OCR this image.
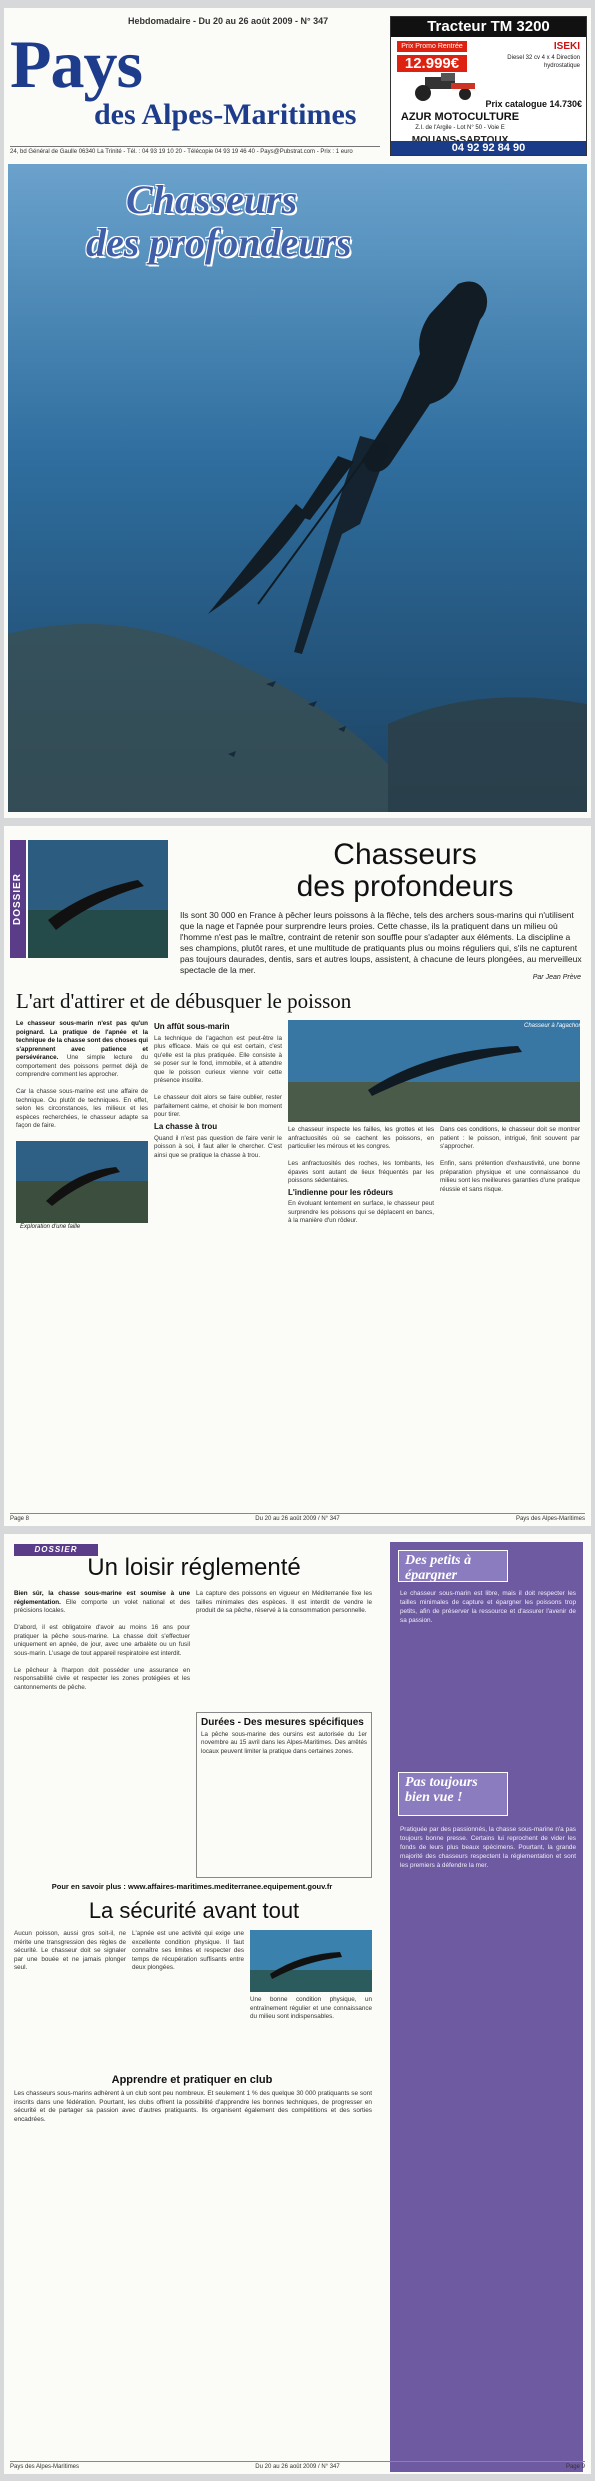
Hebdomadaire - Du 20 au 26 août 2009 - N° 347
Pays
des Alpes-Maritimes
24, bd Général de Gaulle 06340 La Trinité - Tél. : 04 93 19 10 20 - Télécopie 04 93 19 46 40 - Pays@Pubstrat.com - Prix : 1 euro
Tracteur TM 3200
Prix Promo Rentrée
12.999€
ISEKI
Diesel 32 cv 4 x 4 Direction hydrostatique
Prix catalogue 14.730€
AZUR MOTOCULTURE
Z.I. de l'Argile - Lot N° 50 - Voie E
04 92 92 84 90
Chasseurs
des profondeurs
DOSSIER
Chasseurs
des profondeurs
Ils sont 30 000 en France à pêcher leurs poissons à la flèche, tels des archers sous-marins qui n'utilisent que la nage et l'apnée pour surprendre leurs proies. Cette chasse, ils la pratiquent dans un milieu où l'homme n'est pas le maître, contraint de retenir son souffle pour s'adapter aux éléments. La discipline a ses champions, plutôt rares, et une multitude de pratiquants plus ou moins réguliers qui, s'ils ne capturent pas toujours daurades, dentis, sars et autres loups, assistent, à chacune de leurs plongées, au merveilleux spectacle de la mer.
Par Jean Prève
L'art d'attirer et de débusquer le poisson
Le chasseur sous-marin n'est pas qu'un poignard. La pratique de l'apnée et la technique de la chasse sont des choses qui s'apprennent avec patience et persévérance. Une simple lecture du comportement des poissons permet déjà de comprendre comment les approcher.

Car la chasse sous-marine est une affaire de technique. Ou plutôt de techniques. En effet, selon les circonstances, les milieux et les espèces recherchées, le chasseur adapte sa façon de faire.
Un affût sous-marin
La technique de l'agachon est peut-être la plus efficace. Mais ce qui est certain, c'est qu'elle est la plus pratiquée. Elle consiste à se poser sur le fond, immobile, et à attendre que le poisson curieux vienne voir cette présence insolite.

Le chasseur doit alors se faire oublier, rester parfaitement calme, et choisir le bon moment pour tirer.
La chasse à trou
Quand il n'est pas question de faire venir le poisson à soi, il faut aller le chercher. C'est ainsi que se pratique la chasse à trou.
Le chasseur inspecte les failles, les grottes et les anfractuosités où se cachent les poissons, en particulier les mérous et les congres.

Les anfractuosités des roches, les tombants, les épaves sont autant de lieux fréquentés par les poissons sédentaires.
L'indienne pour les rôdeurs
En évoluant lentement en surface, le chasseur peut surprendre les poissons qui se déplacent en bancs, à la manière d'un rôdeur.
Chasseur à l'agachon
Exploration d'une faille
Dans ces conditions, le chasseur doit se montrer patient : le poisson, intrigué, finit souvent par s'approcher.

Enfin, sans prétention d'exhaustivité, une bonne préparation physique et une connaissance du milieu sont les meilleures garanties d'une pratique réussie et sans risque.
Page 8	Du 20 au 26 août 2009 / N° 347	Pays des Alpes-Maritimes
DOSSIER
Un loisir réglementé
Bien sûr, la chasse sous-marine est soumise à une réglementation. Elle comporte un volet national et des précisions locales.

D'abord, il est obligatoire d'avoir au moins 16 ans pour pratiquer la pêche sous-marine. La chasse doit s'effectuer uniquement en apnée, de jour, avec une arbalète ou un fusil sous-marin. L'usage de tout appareil respiratoire est interdit.

Le pêcheur à l'harpon doit posséder une assurance en responsabilité civile et respecter les zones protégées et les cantonnements de pêche.
La capture des poissons en vigueur en Méditerranée fixe les tailles minimales des espèces. Il est interdit de vendre le produit de sa pêche, réservé à la consommation personnelle.
Durées - Des mesures spécifiques
La pêche sous-marine des oursins est autorisée du 1er novembre au 15 avril dans les Alpes-Maritimes. Des arrêtés locaux peuvent limiter la pratique dans certaines zones.
Pour en savoir plus : www.affaires-maritimes.mediterranee.equipement.gouv.fr
La sécurité avant tout
Aucun poisson, aussi gros soit-il, ne mérite une transgression des règles de sécurité. Le chasseur doit se signaler par une bouée et ne jamais plonger seul.
L'apnée est une activité qui exige une excellente condition physique. Il faut connaître ses limites et respecter des temps de récupération suffisants entre deux plongées.
Une bonne condition physique, un entraînement régulier et une connaissance du milieu sont indispensables.
Apprendre et pratiquer en club
Les chasseurs sous-marins adhèrent à un club sont peu nombreux. Et seulement 1 % des quelque 30 000 pratiquants se sont inscrits dans une fédération. Pourtant, les clubs offrent la possibilité d'apprendre les bonnes techniques, de progresser en sécurité et de partager sa passion avec d'autres pratiquants. Ils organisent également des compétitions et des sorties encadrées.
Des petits à épargner
Le chasseur sous-marin est libre, mais il doit respecter les tailles minimales de capture et épargner les poissons trop petits, afin de préserver la ressource et d'assurer l'avenir de sa passion.
Pas toujours bien vue !
Pratiquée par des passionnés, la chasse sous-marine n'a pas toujours bonne presse. Certains lui reprochent de vider les fonds de leurs plus beaux spécimens. Pourtant, la grande majorité des chasseurs respectent la réglementation et sont les premiers à défendre la mer.
Pays des Alpes-Maritimes	Du 20 au 26 août 2009 / N° 347	Page 9
